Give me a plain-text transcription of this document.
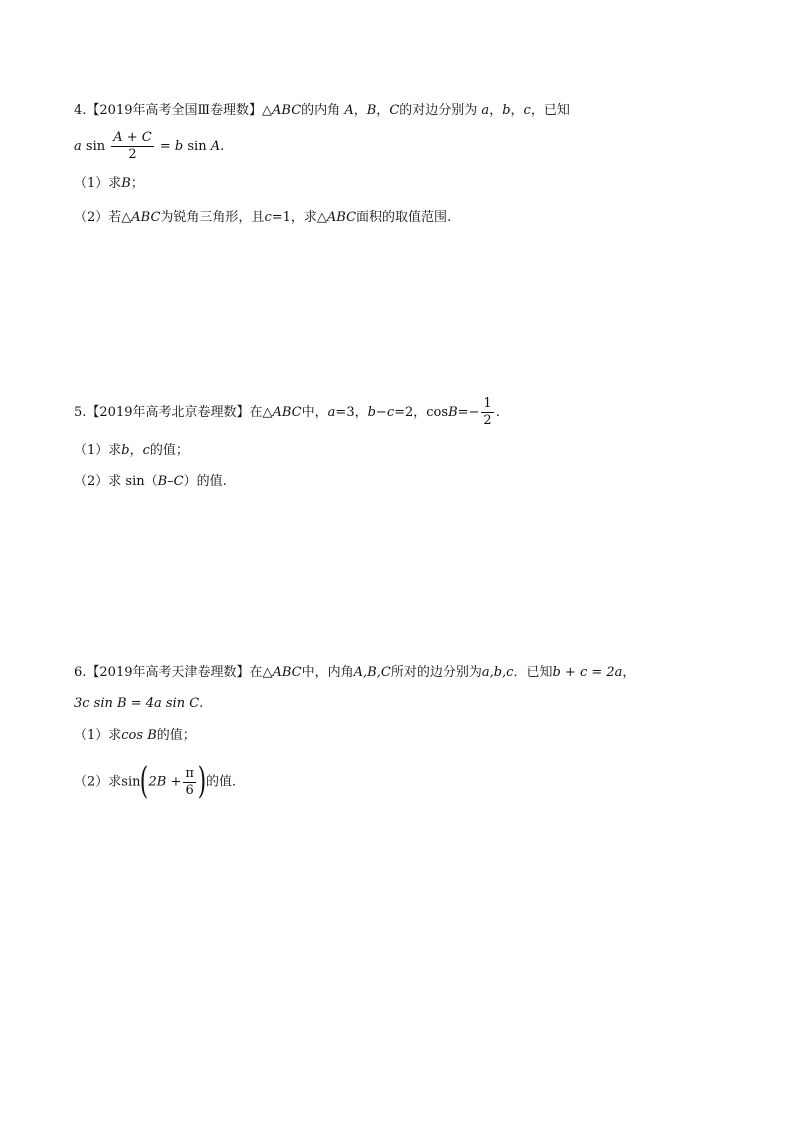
4.【2019年高考全国Ⅲ卷理数】△ABC的内角 A，B，C的对边分别为 a，b，c，已知
a $\sin \frac{A + C}{2} = b$ sin A.
（1）求B；
（2）若△ABC为锐角三角形，且c=1，求△ABC面积的取值范围.
5.【2019年高考北京卷理数】在△ABC中，a=3，b−c=2，$\cos B=- \frac{1}{2}$ .
（1）求b，c的值；
（2）求 sin（B–C）的值.
6.【2019年高考天津卷理数】在△ABC中，内角A,B,C所对的边分别为a,b,c．已知b + c = 2a，
3c sin B = 4a sin C.
（1）求cos B的值；
（2）求$\sin(2B + \frac{\pi}{6}$ )的值.
